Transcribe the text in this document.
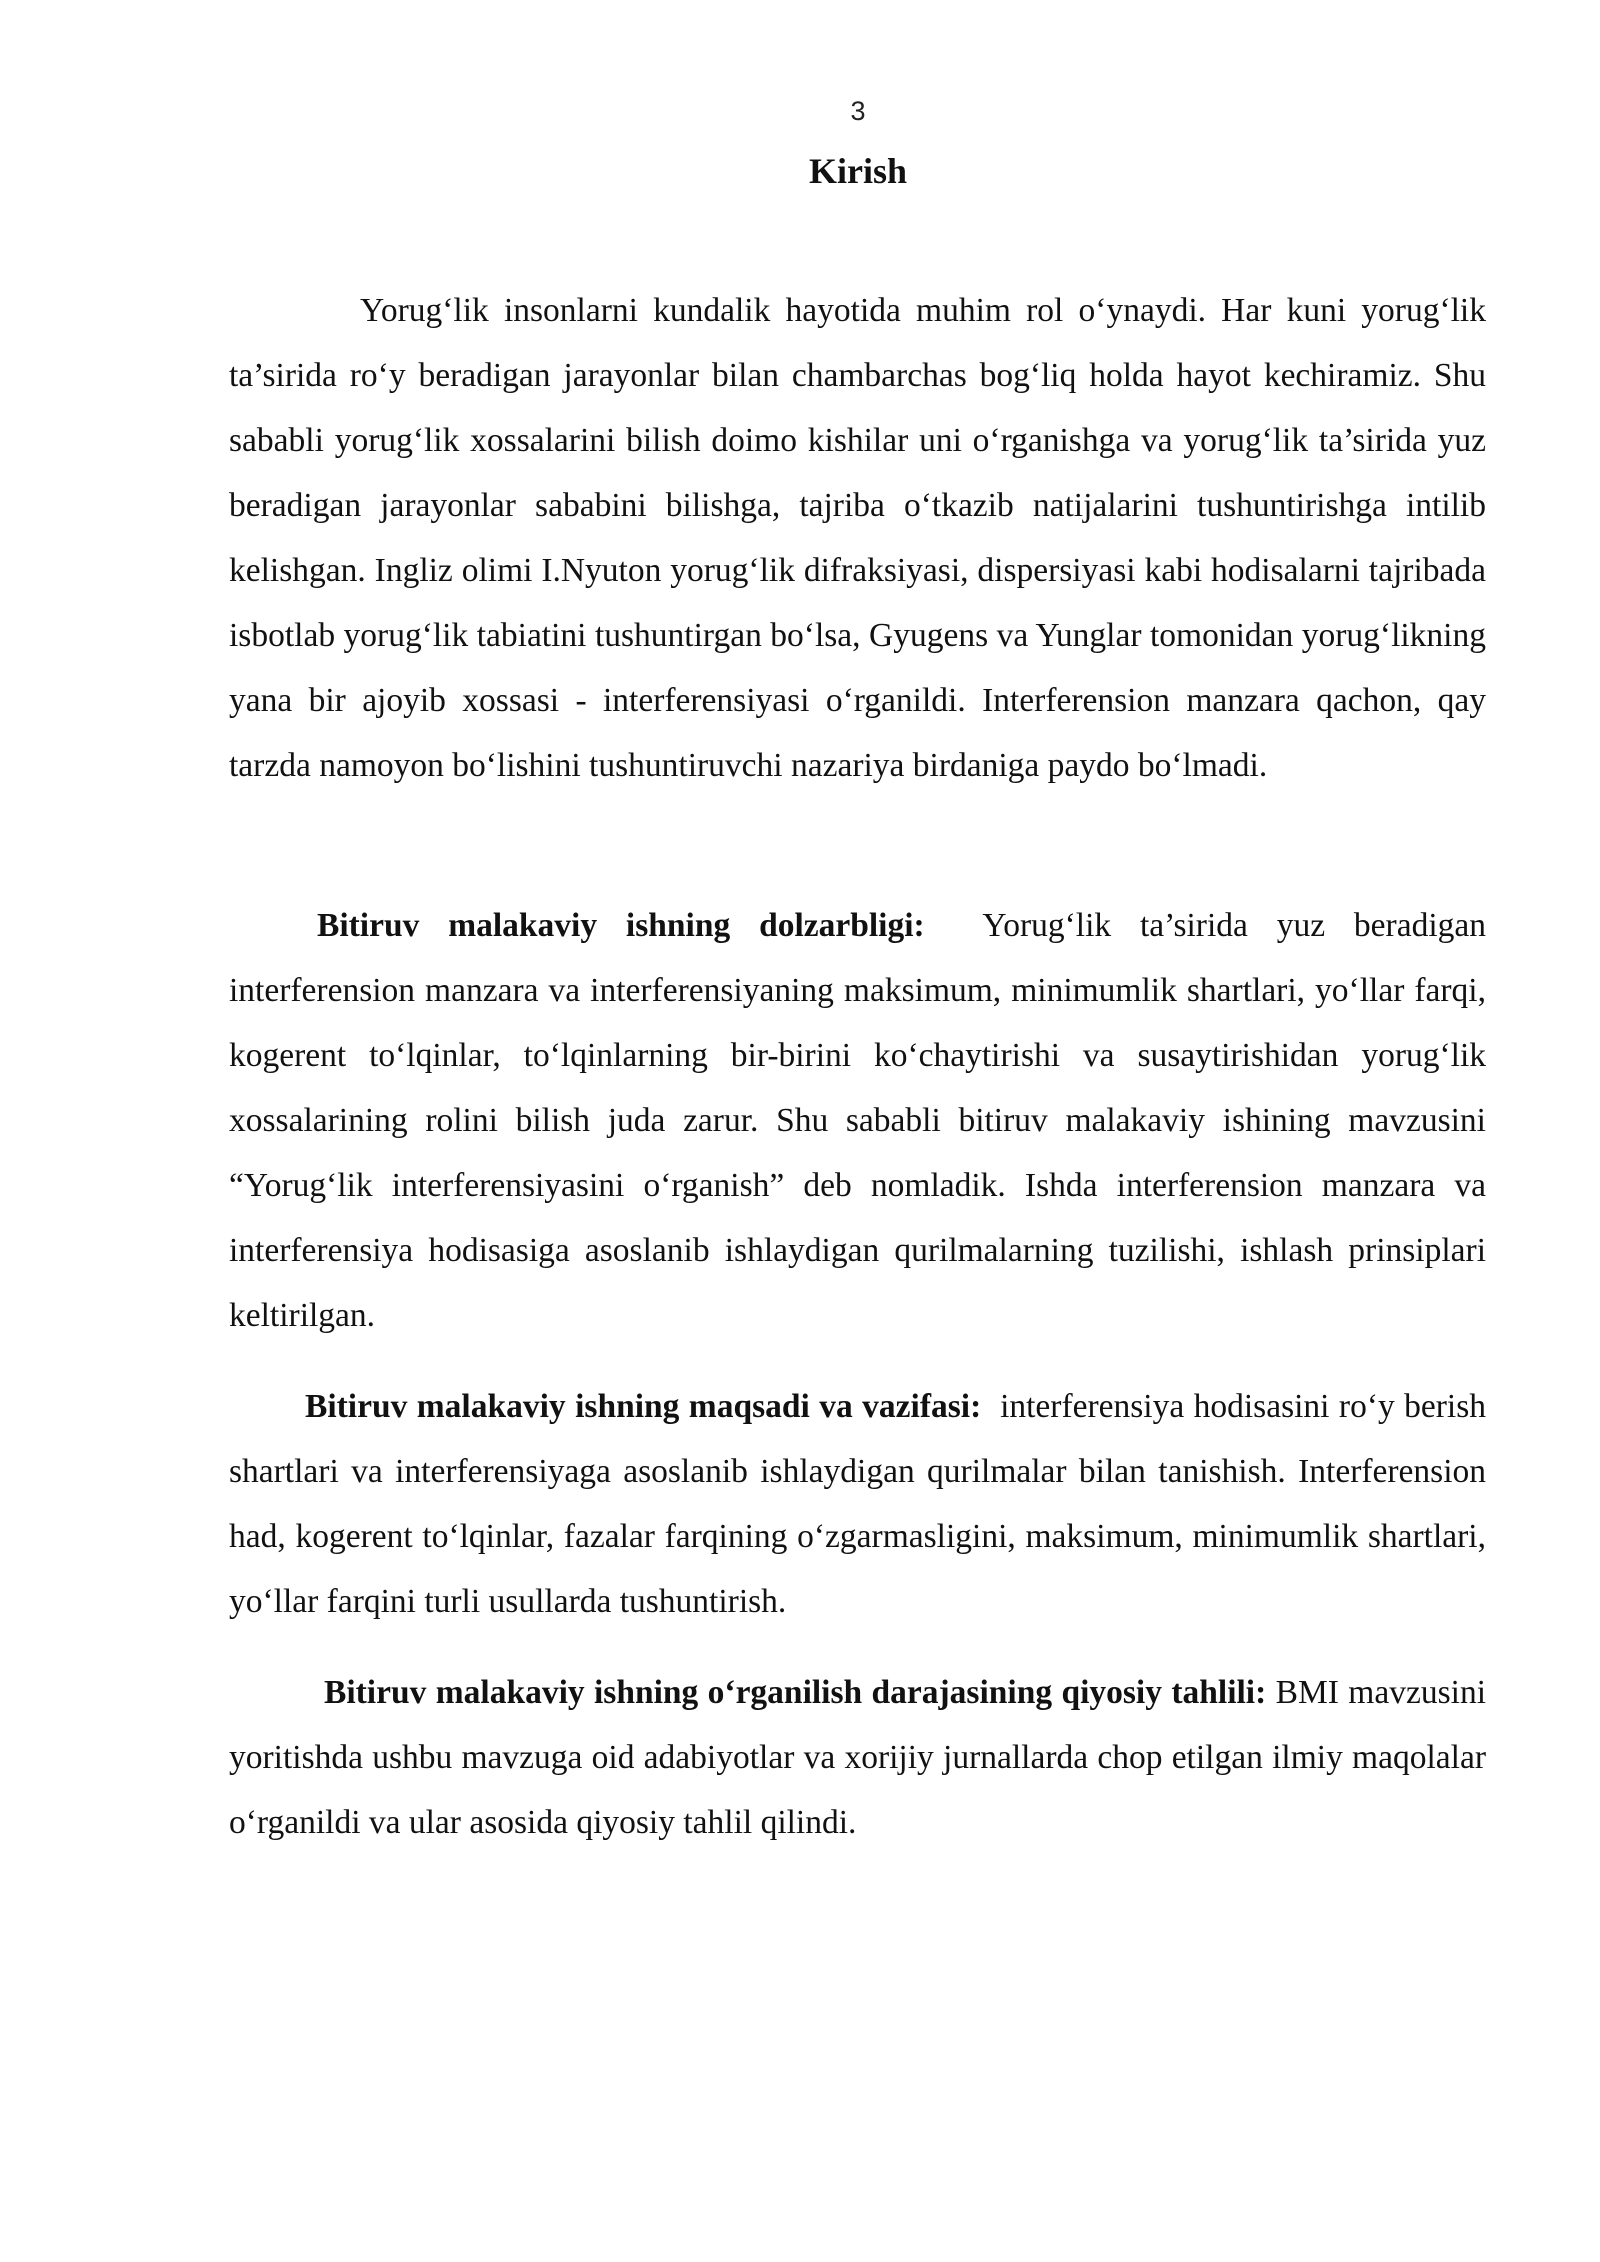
3
Kirish

Yorug‘lik insonlarni kundalik hayotida muhim rol o‘ynaydi. Har kuni yorug‘lik ta’sirida ro‘y beradigan jarayonlar bilan chambarchas bog‘liq holda hayot kechiramiz. Shu sababli yorug‘lik xossalarini bilish doimo kishilar uni o‘rganishga va yorug‘lik ta’sirida yuz beradigan jarayonlar sababini bilishga, tajriba o‘tkazib natijalarini tushuntirishga intilib kelishgan. Ingliz olimi I.Nyuton yorug‘lik difraksiyasi, dispersiyasi kabi hodisalarni tajribada isbotlab yorug‘lik tabiatini tushuntirgan bo‘lsa, Gyugens va Yunglar tomonidan yorug‘likning yana bir ajoyib xossasi - interferensiyasi o‘rganildi. Interferension manzara qachon, qay tarzda namoyon bo‘lishini tushuntiruvchi nazariya birdaniga paydo bo‘lmadi.

Bitiruv malakaviy ishning dolzarbligi: Yorug‘lik ta’sirida yuz beradigan interferension manzara va interferensiyaning maksimum, minimumlik shartlari, yo‘llar farqi, kogerent to‘lqinlar, to‘lqinlarning bir-birini ko‘chaytirishi va susaytirishidan yorug‘lik xossalarining rolini bilish juda zarur. Shu sababli bitiruv malakaviy ishining mavzusini “Yorug‘lik interferensiyasini o‘rganish” deb nomladik. Ishda interferension manzara va interferensiya hodisasiga asoslanib ishlaydigan qurilmalarning tuzilishi, ishlash prinsiplari keltirilgan.

Bitiruv malakaviy ishning maqsadi va vazifasi: interferensiya hodisasini ro‘y berish shartlari va interferensiyaga asoslanib ishlaydigan qurilmalar bilan tanishish. Interferension had, kogerent to‘lqinlar, fazalar farqining o‘zgarmasligini, maksimum, minimumlik shartlari, yo‘llar farqini turli usullarda tushuntirish.

Bitiruv malakaviy ishning o‘rganilish darajasining qiyosiy tahlili: BMI mavzusini yoritishda ushbu mavzuga oid adabiyotlar va xorijiy jurnallarda chop etilgan ilmiy maqolalar o‘rganildi va ular asosida qiyosiy tahlil qilindi.
